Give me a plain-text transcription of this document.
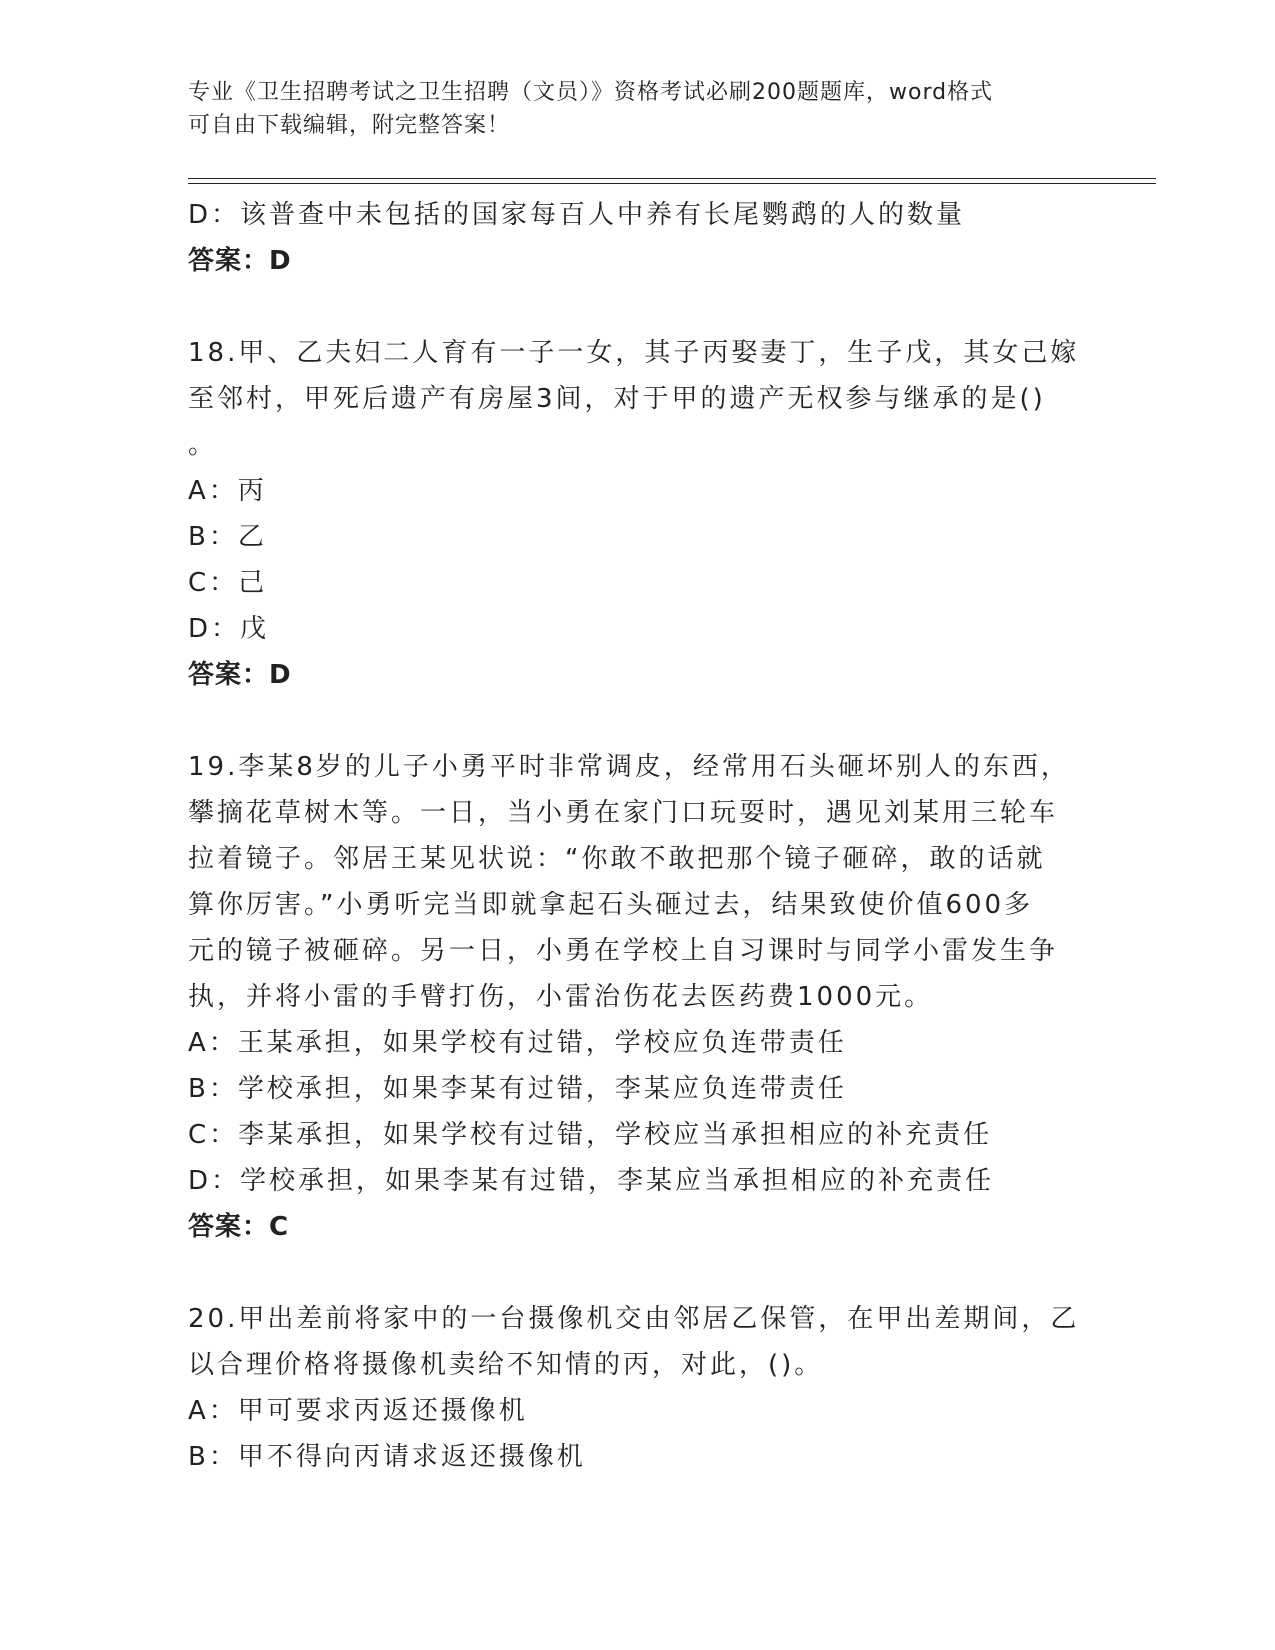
专业《卫生招聘考试之卫生招聘（文员）》资格考试必刷200题题库，word格式
可自由下载编辑，附完整答案！
D：该普查中未包括的国家每百人中养有长尾鹦鹉的人的数量
答案：D
18.甲、乙夫妇二人育有一子一女，其子丙娶妻丁，生子戊，其女己嫁
至邻村，甲死后遗产有房屋3间，对于甲的遗产无权参与继承的是()
。
A：丙
B：乙
C：己
D：戊
答案：D
19.李某8岁的儿子小勇平时非常调皮，经常用石头砸坏别人的东西，
攀摘花草树木等。一日，当小勇在家门口玩耍时，遇见刘某用三轮车
拉着镜子。邻居王某见状说：“你敢不敢把那个镜子砸碎，敢的话就
算你厉害。”小勇听完当即就拿起石头砸过去，结果致使价值600多
元的镜子被砸碎。另一日，小勇在学校上自习课时与同学小雷发生争
执，并将小雷的手臂打伤，小雷治伤花去医药费1000元。
A：王某承担，如果学校有过错，学校应负连带责任
B：学校承担，如果李某有过错，李某应负连带责任
C：李某承担，如果学校有过错，学校应当承担相应的补充责任
D：学校承担，如果李某有过错，李某应当承担相应的补充责任
答案：C
20.甲出差前将家中的一台摄像机交由邻居乙保管，在甲出差期间，乙
以合理价格将摄像机卖给不知情的丙，对此，()。
A：甲可要求丙返还摄像机
B：甲不得向丙请求返还摄像机
